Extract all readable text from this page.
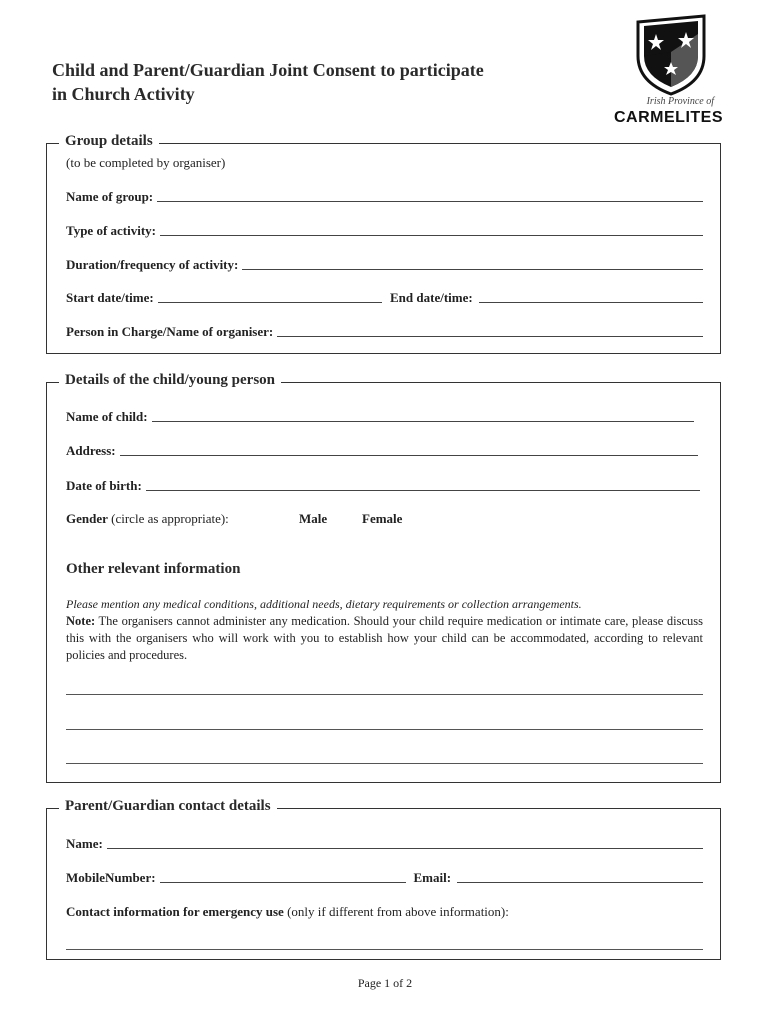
Child and Parent/Guardian Joint Consent to participate
in Church Activity	Irish Province of
CARMELITES
Group details
(to be completed by organiser)
Name of group:
Type of activity:
Duration/frequency of activity:
Start date/time:	End date/time:
Person in Charge/Name of organiser:
Details of the child/young person
Name of child:
Address:
Date of birth:
Gender (circle as appropriate):	Male	Female
Other relevant information
Please mention any medical conditions, additional needs, dietary requirements or collection arrangements.
Note: The organisers cannot administer any medication. Should your child require medication or intimate care, please discuss this with the organisers who will work with you to establish how your child can be accommodated, according to relevant policies and procedures.
Parent/Guardian contact details
Name:
MobileNumber:	Email:
Contact information for emergency use (only if different from above information):
Page 1 of 2
